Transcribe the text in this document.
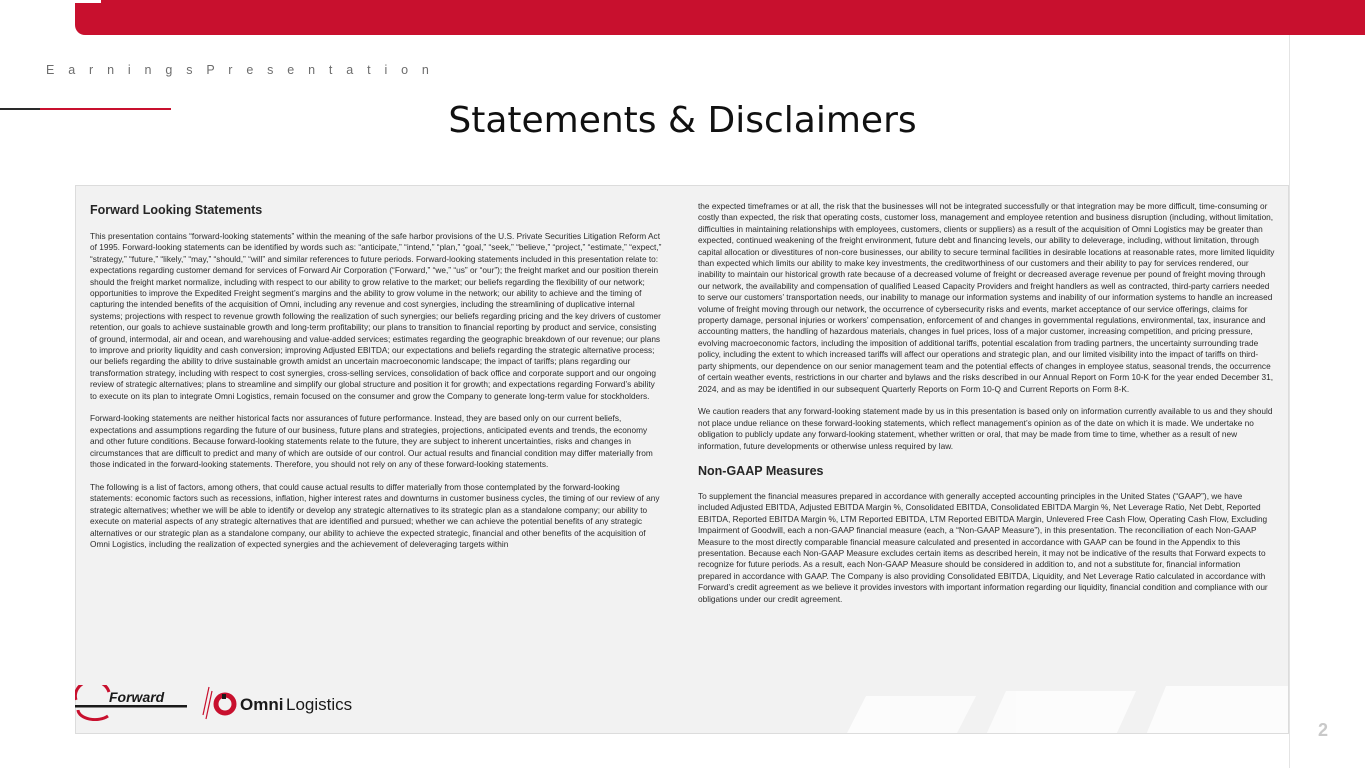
E a r n i n g s P r e s e n t a t i o n
Statements & Disclaimers
Forward Looking Statements

This presentation contains “forward-looking statements” within the meaning of the safe harbor provisions of the U.S. Private Securities Litigation Reform Act of 1995. Forward-looking statements can be identified by words such as: “anticipate,” “intend,” “plan,” “goal,” “seek,” “believe,” “project,” “estimate,” “expect,” “strategy,” “future,” “likely,” “may,” “should,” “will” and similar references to future periods. Forward-looking statements included in this presentation relate to: expectations regarding customer demand for services of Forward Air Corporation (“Forward,” “we,” “us” or “our”); the freight market and our position therein should the freight market normalize, including with respect to our ability to grow relative to the market; our beliefs regarding the flexibility of our network; opportunities to improve the Expedited Freight segment’s margins and the ability to grow volume in the network; our ability to achieve and the timing of capturing the intended benefits of the acquisition of Omni, including any revenue and cost synergies, including the streamlining of duplicative internal systems; projections with respect to revenue growth following the realization of such synergies; our beliefs regarding pricing and the key drivers of customer retention, our goals to achieve sustainable growth and long-term profitability; our plans to transition to financial reporting by product and service, consisting of ground, intermodal, air and ocean, and warehousing and value-added services; estimates regarding the geographic breakdown of our revenue; our plans to improve and priority liquidity and cash conversion; improving Adjusted EBITDA; our expectations and beliefs regarding the strategic alternative process; our beliefs regarding the ability to drive sustainable growth amidst an uncertain macroeconomic landscape; the impact of tariffs; plans regarding our transformation strategy, including with respect to cost synergies, cross-selling services, consolidation of back office and corporate support and our ongoing review of strategic alternatives; plans to streamline and simplify our global structure and position it for growth; and expectations regarding Forward’s ability to execute on its plan to integrate Omni Logistics, remain focused on the consumer and grow the Company to generate long-term value for stockholders.

Forward-looking statements are neither historical facts nor assurances of future performance. Instead, they are based only on our current beliefs, expectations and assumptions regarding the future of our business, future plans and strategies, projections, anticipated events and trends, the economy and other future conditions. Because forward-looking statements relate to the future, they are subject to inherent uncertainties, risks and changes in circumstances that are difficult to predict and many of which are outside of our control. Our actual results and financial condition may differ materially from those indicated in the forward-looking statements. Therefore, you should not rely on any of these forward-looking statements.

The following is a list of factors, among others, that could cause actual results to differ materially from those contemplated by the forward-looking statements: economic factors such as recessions, inflation, higher interest rates and downturns in customer business cycles, the timing of our review of any strategic alternatives; whether we will be able to identify or develop any strategic alternatives to its strategic plan as a standalone company; our ability to execute on material aspects of any strategic alternatives that are identified and pursued; whether we can achieve the potential benefits of any strategic alternatives or our strategic plan as a standalone company, our ability to achieve the expected strategic, financial and other benefits of the acquisition of Omni Logistics, including the realization of expected synergies and the achievement of deleveraging targets within

the expected timeframes or at all, the risk that the businesses will not be integrated successfully or that integration may be more difficult, time-consuming or costly than expected, the risk that operating costs, customer loss, management and employee retention and business disruption (including, without limitation, difficulties in maintaining relationships with employees, customers, clients or suppliers) as a result of the acquisition of Omni Logistics may be greater than expected, continued weakening of the freight environment, future debt and financing levels, our ability to deleverage, including, without limitation, through capital allocation or divestitures of non-core businesses, our ability to secure terminal facilities in desirable locations at reasonable rates, more limited liquidity than expected which limits our ability to make key investments, the creditworthiness of our customers and their ability to pay for services rendered, our inability to maintain our historical growth rate because of a decreased volume of freight or decreased average revenue per pound of freight moving through our network, the availability and compensation of qualified Leased Capacity Providers and freight handlers as well as contracted, third-party carriers needed to serve our customers’ transportation needs, our inability to manage our information systems and inability of our information systems to handle an increased volume of freight moving through our network, the occurrence of cybersecurity risks and events, market acceptance of our service offerings, claims for property damage, personal injuries or workers’ compensation, enforcement of and changes in governmental regulations, environmental, tax, insurance and accounting matters, the handling of hazardous materials, changes in fuel prices, loss of a major customer, increasing competition, and pricing pressure, evolving macroeconomic factors, including the imposition of additional tariffs, potential escalation from trading partners, the uncertainty surrounding trade policy, including the extent to which increased tariffs will affect our operations and strategic plan, and our limited visibility into the impact of tariffs on third-party shipments, our dependence on our senior management team and the potential effects of changes in employee status, seasonal trends, the occurrence of certain weather events, restrictions in our charter and bylaws and the risks described in our Annual Report on Form 10-K for the year ended December 31, 2024, and as may be identified in our subsequent Quarterly Reports on Form 10-Q and Current Reports on Form 8-K.

We caution readers that any forward-looking statement made by us in this presentation is based only on information currently available to us and they should not place undue reliance on these forward-looking statements, which reflect management’s opinion as of the date on which it is made. We undertake no obligation to publicly update any forward-looking statement, whether written or oral, that may be made from time to time, whether as a result of new information, future developments or otherwise unless required by law.

Non-GAAP Measures

To supplement the financial measures prepared in accordance with generally accepted accounting principles in the United States (“GAAP”), we have included Adjusted EBITDA, Adjusted EBITDA Margin %, Consolidated EBITDA, Consolidated EBITDA Margin %, Net Leverage Ratio, Net Debt, Reported EBITDA, Reported EBITDA Margin %, LTM Reported EBITDA, LTM Reported EBITDA Margin, Unlevered Free Cash Flow, Operating Cash Flow, Excluding Impairment of Goodwill, each a non-GAAP financial measure (each, a “Non-GAAP Measure”), in this presentation. The reconciliation of each Non-GAAP Measure to the most directly comparable financial measure calculated and presented in accordance with GAAP can be found in the Appendix to this presentation. Because each Non-GAAP Measure excludes certain items as described herein, it may not be indicative of the results that Forward expects to recognize for future periods. As a result, each Non-GAAP Measure should be considered in addition to, and not a substitute for, financial information prepared in accordance with GAAP. The Company is also providing Consolidated EBITDA, Liquidity, and Net Leverage Ratio calculated in accordance with Forward’s credit agreement as we believe it provides investors with important information regarding our liquidity, financial condition and compliance with our obligations under our credit agreement.

Forward	Omni Logistics
2
